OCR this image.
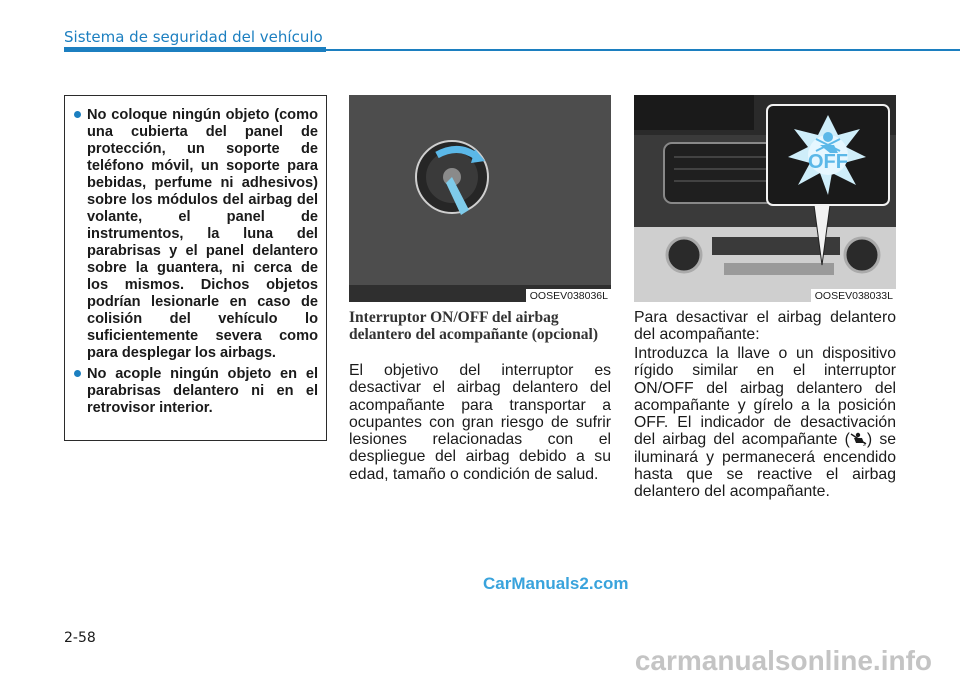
Sistema de seguridad del vehículo
No coloque ningún objeto (como una cubierta del panel de protección, un soporte de teléfono móvil, un soporte para bebidas, perfume ni adhesivos) sobre los módulos del airbag del volante, el panel de instrumentos, la luna del parabrisas y el panel delantero sobre la guantera, ni cerca de los mismos. Dichos objetos podrían lesionarle en caso de colisión del vehículo lo suficientemente severa como para desplegar los airbags.
No acople ningún objeto en el parabrisas delantero ni en el retrovisor interior.
OOSEV038036L
OFF
OOSEV038033L
Interruptor ON/OFF del airbag delantero del acompañante (opcional)

El objetivo del interruptor es desactivar el airbag delantero del acompañante para transportar a ocupantes con gran riesgo de sufrir lesiones relacionadas con el despliegue del airbag debido a su edad, tamaño o condición de salud.

Para desactivar el airbag delantero del acompañante:

Introduzca la llave o un dispositivo rígido similar en el interruptor ON/OFF del airbag delantero del acompañante y gírelo a la posición OFF. El indicador de desactivación del airbag del acompañante (	2 ) se iluminará y permanecerá encendido hasta que se reactive el airbag delantero del acompañante.

2-58
CarManuals2.com
carmanualsonline.info
